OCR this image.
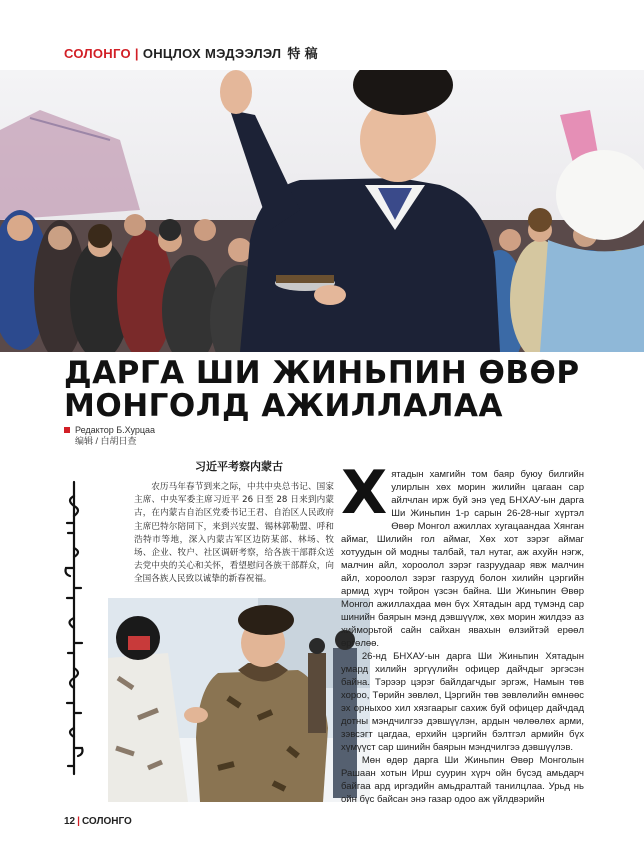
СОЛОНГО | ОНЦЛОХ МЭДЭЭЛЭЛ 特 稿
ДАРГА ШИ ЖИНЬПИН ӨВӨР
МОНГОЛД АЖИЛЛАЛАА
Редактор Б.Хурцаа
编辑 / 白胡日查
习近平考察内蒙古
农历马年春节到来之际，中共中央总书记、国家主席、中央军委主席习近平 26 日至 28 日来到内蒙古，在内蒙古自治区党委书记王君、自治区人民政府主席巴特尔陪同下，来到兴安盟、锡林郭勒盟、呼和浩特市等地，深入内蒙古军区边防某部、林场、牧场、企业、牧户、社区调研考察，给各族干部群众送去党中央的关心和关怀，看望慰问各族干部群众，向全国各族人民致以诚挚的新春祝福。
Х ятадын хамгийн том баяр буюу билгийн улирлын хөх морин жилийн цагаан сар айлчлан ирж буй энэ үед БНХАУ-ын дарга Ши Жиньпин 1-р сарын 26-28-ныг хүртэл Өвөр Монгол ажиллах хугацаандаа Хянган аймаг, Шилийн гол аймаг, Хөх хот зэрэг аймаг хотуудын ой модны талбай, тал нутаг, аж ахуйн нэгж, малчин айл, хороолол зэрэг газруудаар явж малчин айл, хороолол зэрэг газрууд болон хилийн цэргийн армид хүрч тойрон үзсэн байна. Ши Жиньпин Өвөр Монгол ажиллахдаа мөн бүх Хятадын ард түмэнд сар шинийн баярын мэнд дэвшүүлж, хөх морин жилдээ аз хийморьтой сайн сайхан явахын өлзийтэй ерөөл өргөлөө.

26-нд БНХАУ-ын дарга Ши Жиньпин Хятадын умард хилийн эргүүлийн офицер дайчдыг эргэсэн байна. Тэрээр цэрэг байлдагчдыг эргэж, Намын төв хороо, Төрийн зөвлөл, Цэргийн төв зөвлөлийн өмнөөс эх орныхоо хил хязгаарыг сахиж буй офицер дайчдад дотны мэндчилгээ дэвшүүлэн, ардын чөлөөлөх арми, зэвсэгт цагдаа, ерхийн цэргийн бэлтгэл армийн бүх хүмүүст сар шинийн баярын мэндчилгээ дэвшүүлэв.

Мөн өдөр дарга Ши Жиньпин Өвөр Монголын Рашаан хотын Ирш суурин хүрч ойн бүсэд амьдарч байгаа ард иргэдийн амьдралтай танилцлаа. Урьд нь ойн бүс байсан энэ газар одоо аж үйлдвэрийн

12 | СОЛОНГО
